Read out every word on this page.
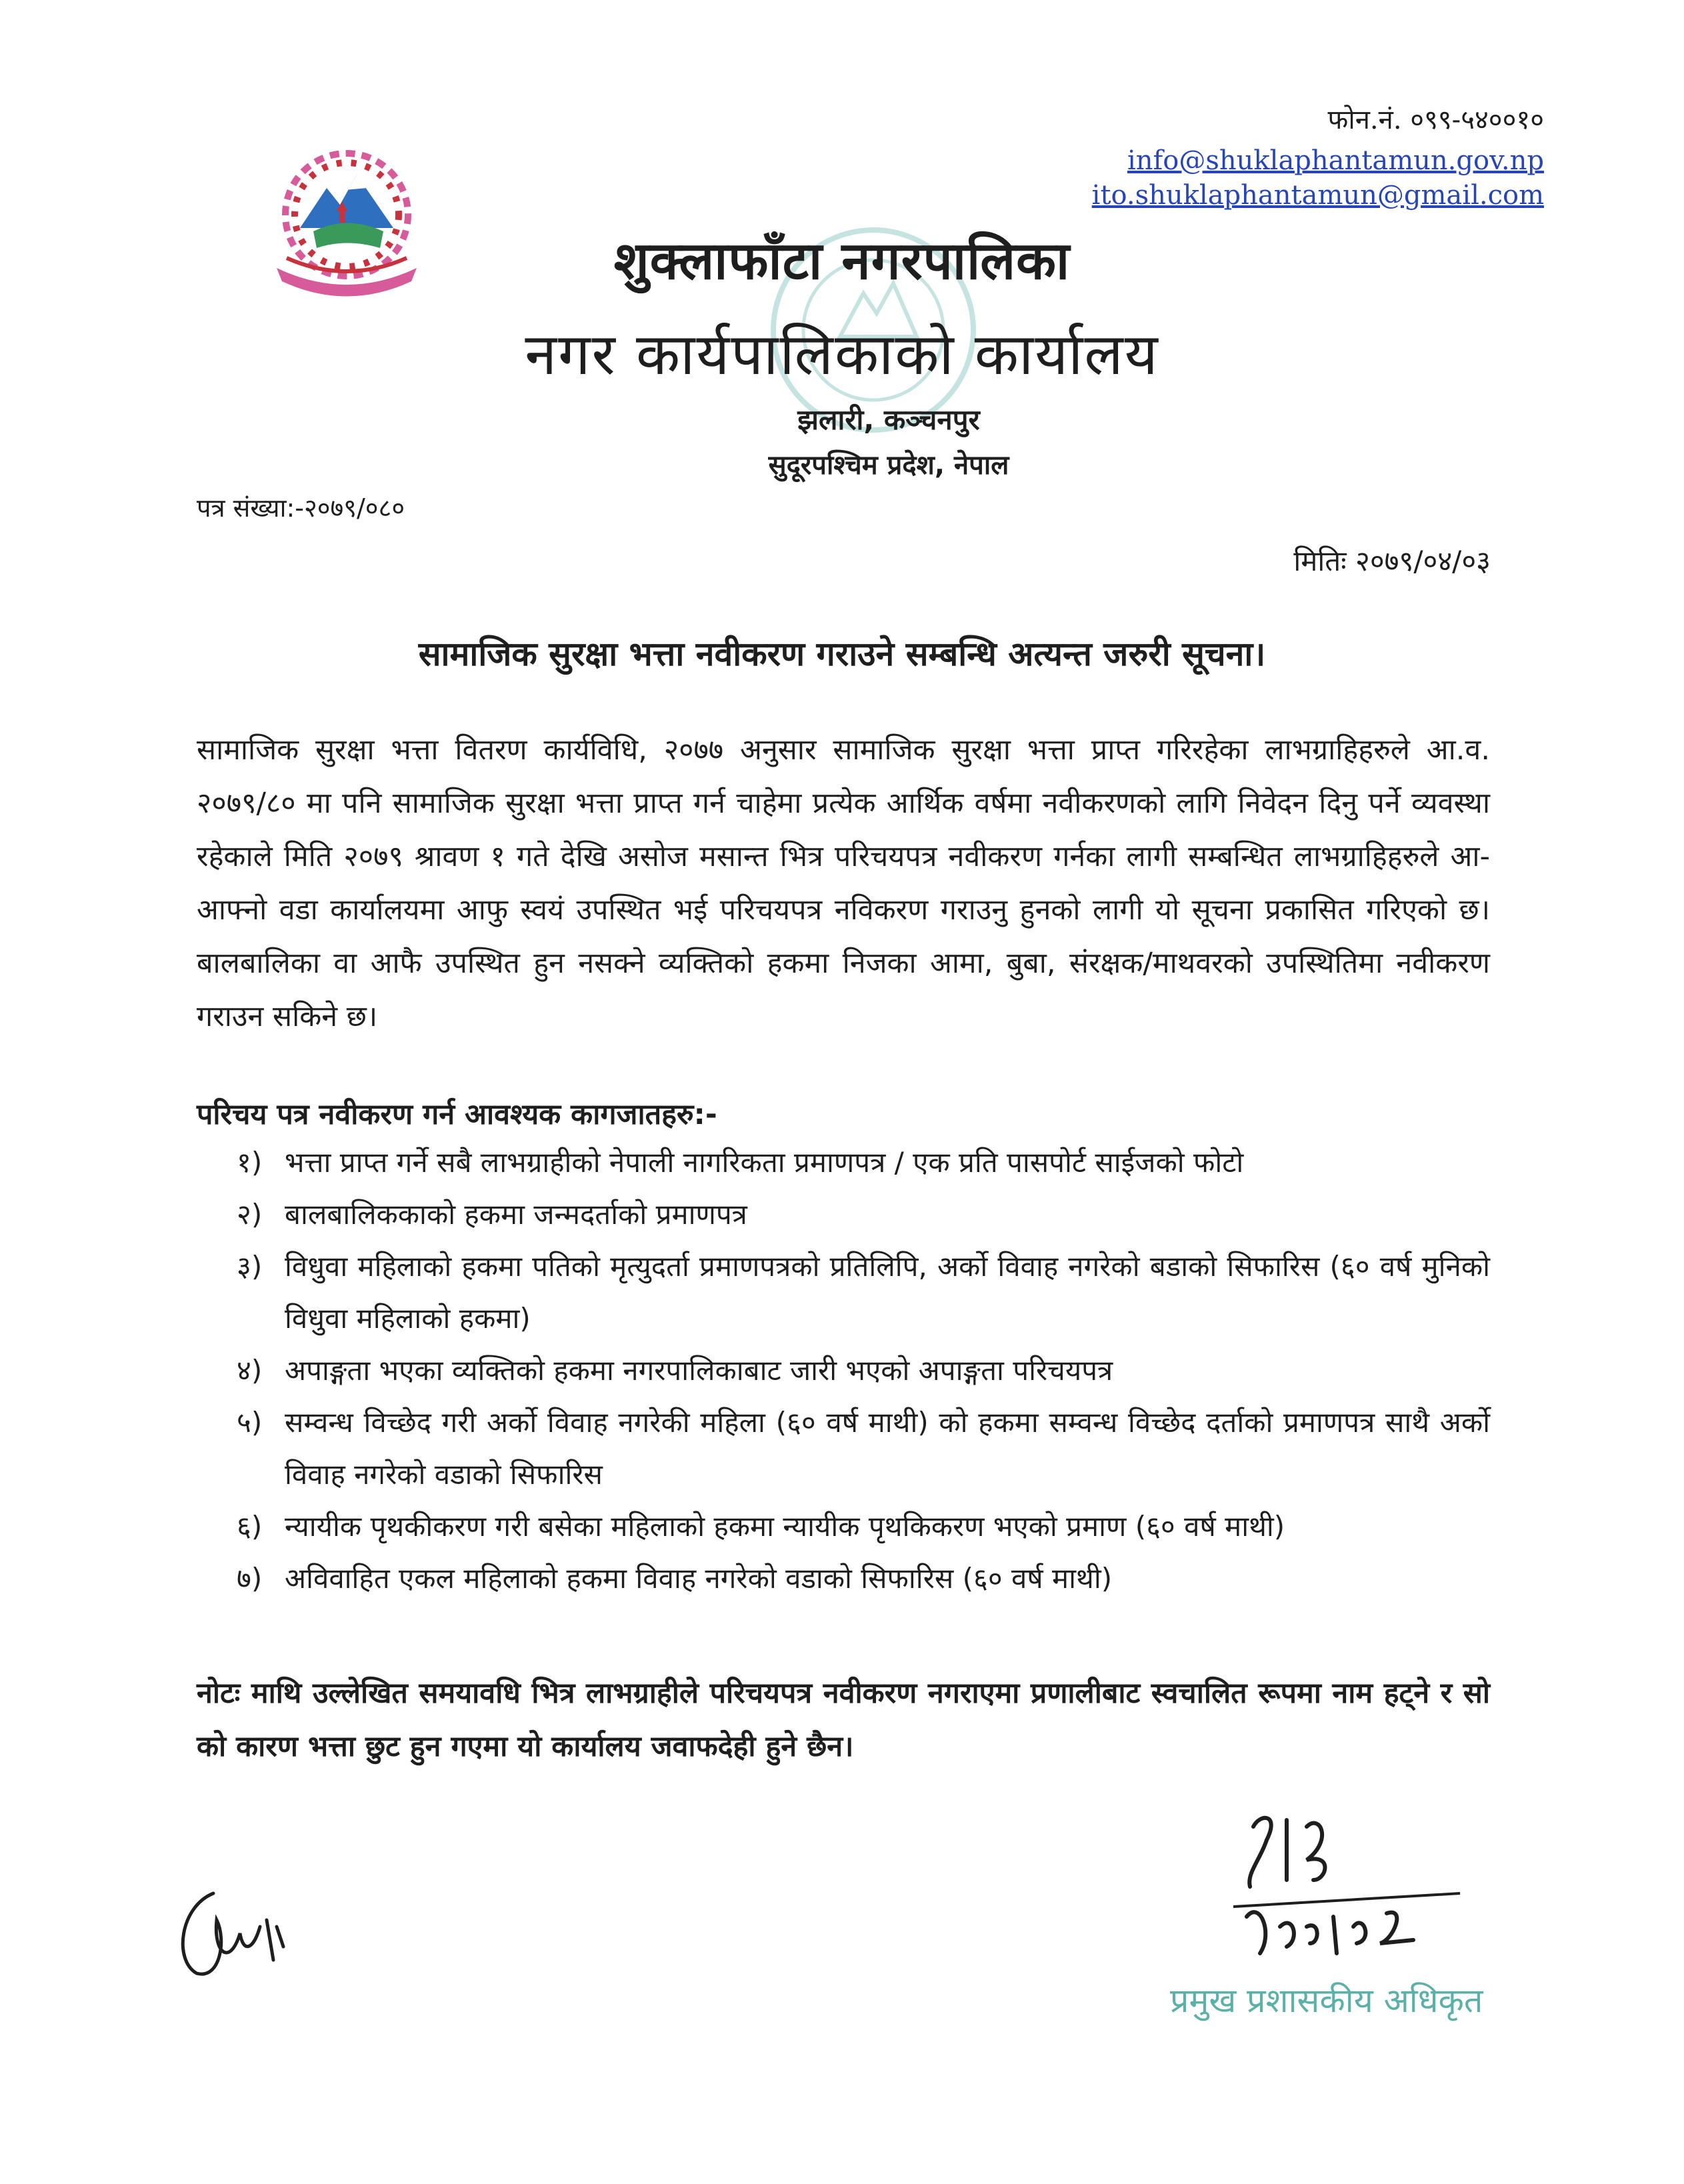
फोन.नं. ०९९-५४००१०
info@shuklaphantamun.gov.np
ito.shuklaphantamun@gmail.com
शुक्लाफाँटा नगरपालिका
नगर कार्यपालिकाको कार्यालय
झलारी, कञ्चनपुर
सुदूरपश्चिम प्रदेश, नेपाल
पत्र संख्या:-२०७९/०८०
मितिः २०७९/०४/०३
सामाजिक सुरक्षा भत्ता नवीकरण गराउने सम्बन्धि अत्यन्त जरुरी सूचना।
सामाजिक सुरक्षा भत्ता वितरण कार्यविधि, २०७७ अनुसार सामाजिक सुरक्षा भत्ता प्राप्त गरिरहेका लाभग्राहिहरुले आ.व. २०७९/८० मा पनि सामाजिक सुरक्षा भत्ता प्राप्त गर्न चाहेमा प्रत्येक आर्थिक वर्षमा नवीकरणको लागि निवेदन दिनु पर्ने व्यवस्था रहेकाले मिति २०७९ श्रावण १ गते देखि असोज मसान्त भित्र परिचयपत्र नवीकरण गर्नका लागी सम्बन्धित लाभग्राहिहरुले आ-आफ्नो वडा कार्यालयमा आफु स्वयं उपस्थित भई परिचयपत्र नविकरण गराउनु हुनको लागी यो सूचना प्रकासित गरिएको छ। बालबालिका वा आफै उपस्थित हुन नसक्ने व्यक्तिको हकमा निजका आमा, बुबा, संरक्षक/माथवरको उपस्थितिमा नवीकरण गराउन सकिने छ।
परिचय पत्र नवीकरण गर्न आवश्यक कागजातहरु:-
१) भत्ता प्राप्त गर्ने सबै लाभग्राहीको नेपाली नागरिकता प्रमाणपत्र / एक प्रति पासपोर्ट साईजको फोटो
२) बालबालिककाको हकमा जन्मदर्ताको प्रमाणपत्र
३) विधुवा महिलाको हकमा पतिको मृत्युदर्ता प्रमाणपत्रको प्रतिलिपि, अर्को विवाह नगरेको बडाको सिफारिस (६० वर्ष मुनिको विधुवा महिलाको हकमा)
४) अपाङ्गता भएका व्यक्तिको हकमा नगरपालिकाबाट जारी भएको अपाङ्गता परिचयपत्र
५) सम्वन्ध विच्छेद गरी अर्को विवाह नगरेकी महिला (६० वर्ष माथी) को हकमा सम्वन्ध विच्छेद दर्ताको प्रमाणपत्र साथै अर्को विवाह नगरेको वडाको सिफारिस
६) न्यायीक पृथकीकरण गरी बसेका महिलाको हकमा न्यायीक पृथकिकरण भएको प्रमाण (६० वर्ष माथी)
७) अविवाहित एकल महिलाको हकमा विवाह नगरेको वडाको सिफारिस (६० वर्ष माथी)
नोटः माथि उल्लेखित समयावधि भित्र लाभग्राहीले परिचयपत्र नवीकरण नगराएमा प्रणालीबाट स्वचालित रूपमा नाम हट्ने र सो को कारण भत्ता छुट हुन गएमा यो कार्यालय जवाफदेही हुने छैन।
प्रमुख प्रशासकीय अधिकृत
